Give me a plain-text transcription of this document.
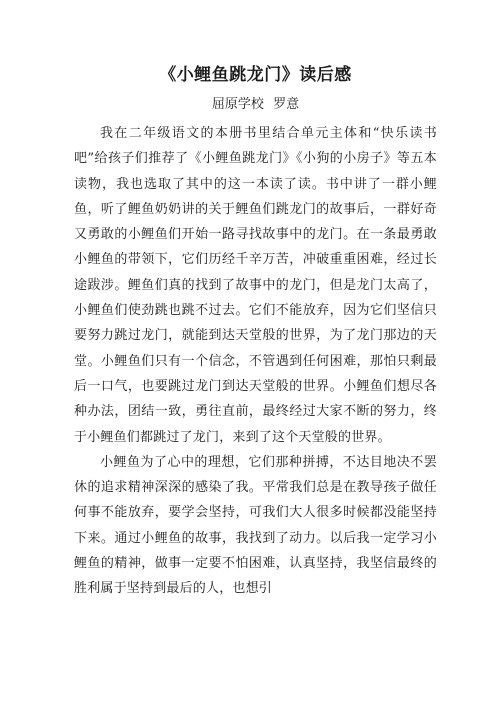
《小鲤鱼跳龙门》读后感
屈原学校 罗意

我在二年级语文的本册书里结合单元主体和“快乐读书吧”给孩子们推荐了《小鲤鱼跳龙门》《小狗的小房子》等五本读物，我也选取了其中的这一本读了读。书中讲了一群小鲤鱼，听了鲤鱼奶奶讲的关于鲤鱼们跳龙门的故事后，一群好奇又勇敢的小鲤鱼们开始一路寻找故事中的龙门。在一条最勇敢小鲤鱼的带领下，它们历经千辛万苦，冲破重重困难，经过长途跋涉。鲤鱼们真的找到了故事中的龙门，但是龙门太高了，小鲤鱼们使劲跳也跳不过去。它们不能放弃，因为它们坚信只要努力跳过龙门，就能到达天堂般的世界，为了龙门那边的天堂。小鲤鱼们只有一个信念，不管遇到任何困难，那怕只剩最后一口气，也要跳过龙门到达天堂般的世界。小鲤鱼们想尽各种办法，团结一致，勇往直前，最终经过大家不断的努力，终于小鲤鱼们都跳过了龙门，来到了这个天堂般的世界。

小鲤鱼为了心中的理想，它们那种拼搏，不达目地决不罢休的追求精神深深的感染了我。平常我们总是在教导孩子做任何事不能放弃，要学会坚持，可我们大人很多时候都没能坚持下来。通过小鲤鱼的故事，我找到了动力。以后我一定学习小鲤鱼的精神，做事一定要不怕困难，认真坚持，我坚信最终的胜利属于坚持到最后的人，也想引
